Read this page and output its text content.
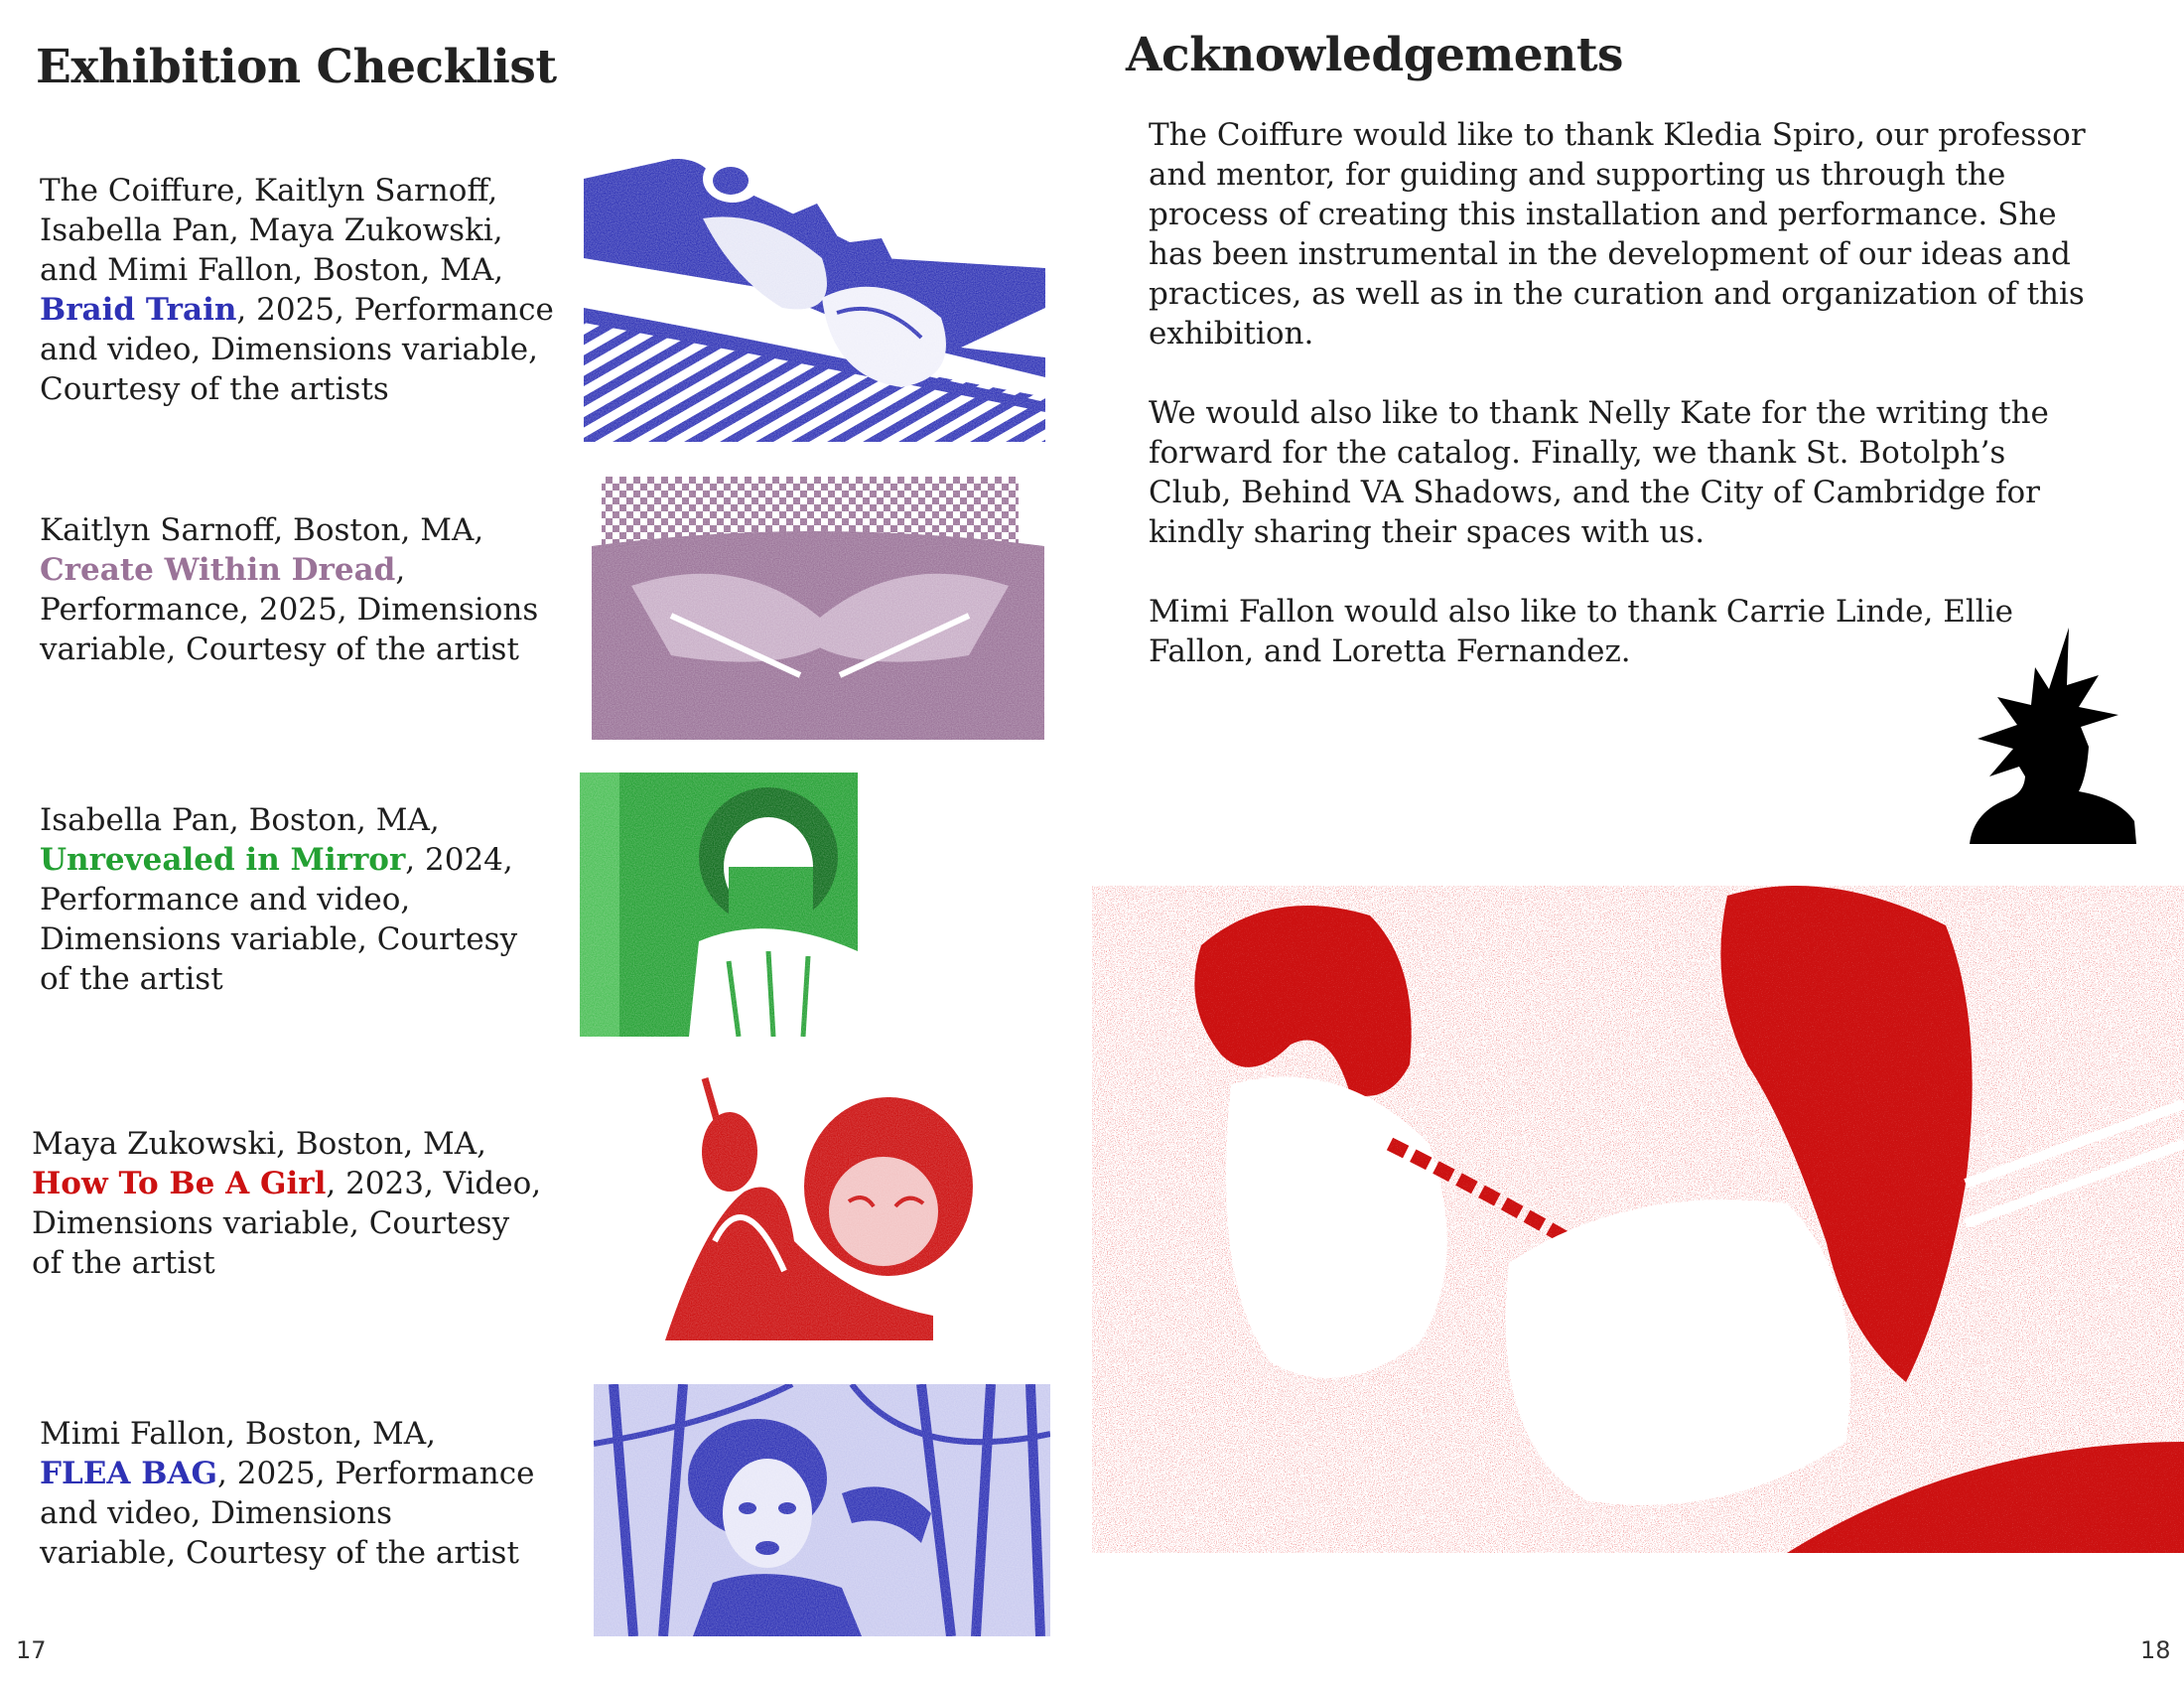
Exhibition Checklist
The Coiffure, Kaitlyn Sarnoff, Isabella Pan, Maya Zukowski, and Mimi Fallon, Boston, MA, Braid Train, 2025, Performance and video, Dimensions variable, Courtesy of the artists
Kaitlyn Sarnoff, Boston, MA, Create Within Dread, Performance, 2025, Dimensions variable, Courtesy of the artist
Isabella Pan, Boston, MA, Unrevealed in Mirror, 2024, Performance and video, Dimensions variable, Courtesy of the artist
Maya Zukowski, Boston, MA, How To Be A Girl, 2023, Video, Dimensions variable, Courtesy of the artist
Mimi Fallon, Boston, MA, FLEA BAG, 2025, Performance and video, Dimensions variable, Courtesy of the artist
17
Acknowledgements

The Coiffure would like to thank Kledia Spiro, our professor and mentor, for guiding and supporting us through the process of creating this installation and performance. She has been instrumental in the development of our ideas and practices, as well as in the curation and organization of this exhibition.

We would also like to thank Nelly Kate for the writing the forward for the catalog. Finally, we thank St. Botolph’s Club, Behind VA Shadows, and the City of Cambridge for kindly sharing their spaces with us.

Mimi Fallon would also like to thank Carrie Linde, Ellie Fallon, and Loretta Fernandez.

18
